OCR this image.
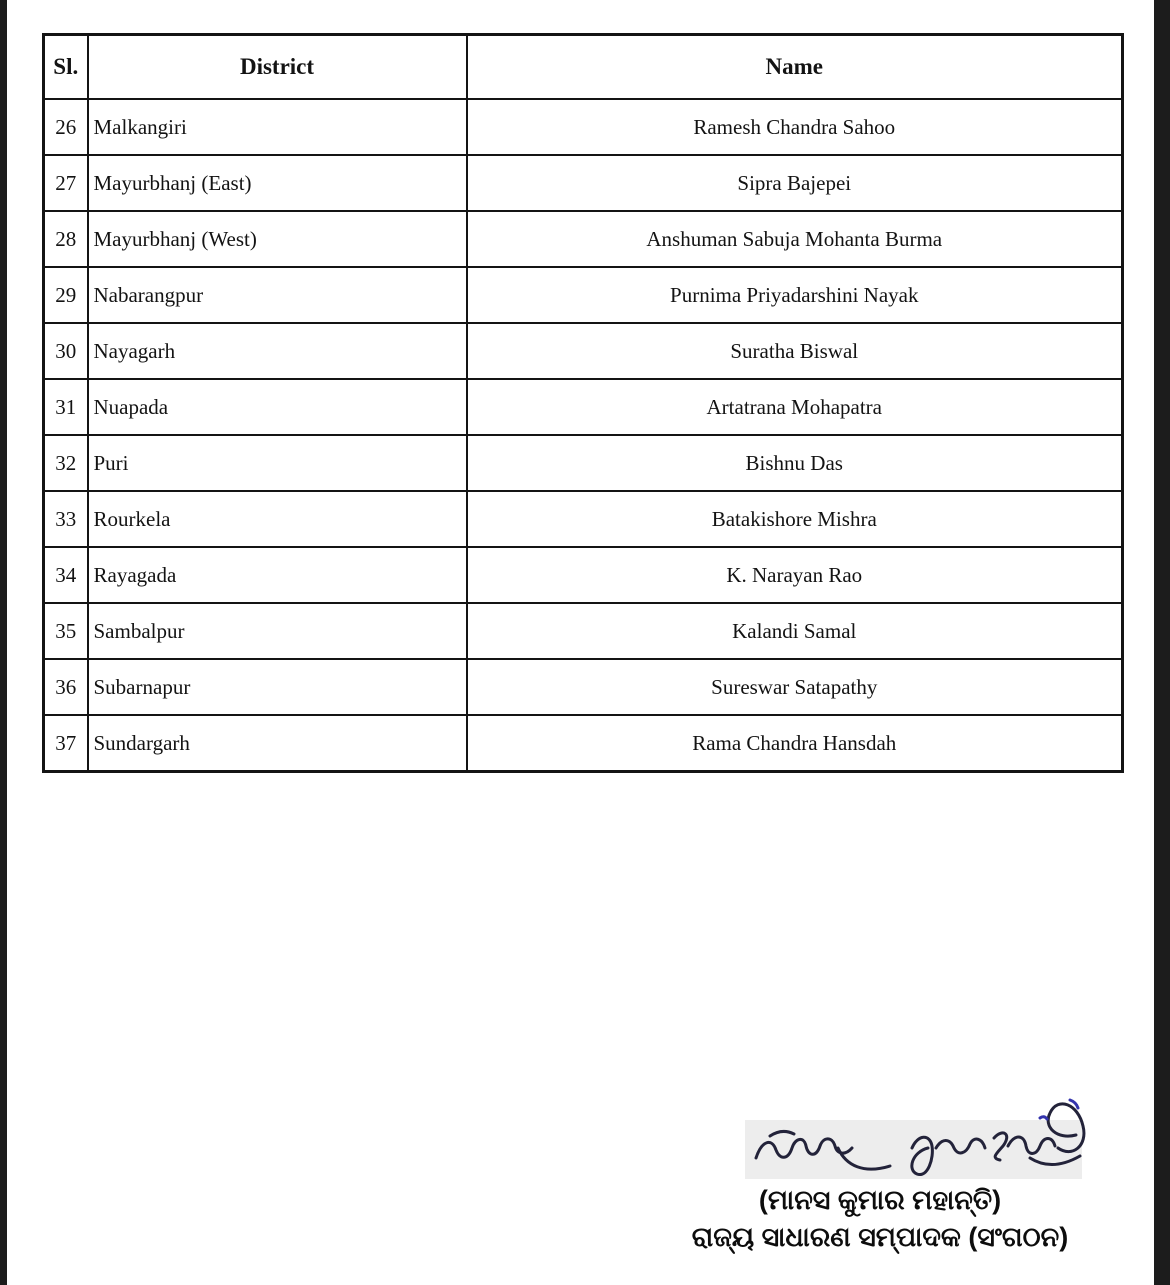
Sl.	District	Name
26	Malkangiri	Ramesh Chandra Sahoo
27	Mayurbhanj (East)	Sipra Bajepei
28	Mayurbhanj (West)	Anshuman Sabuja Mohanta Burma
29	Nabarangpur	Purnima Priyadarshini Nayak
30	Nayagarh	Suratha Biswal
31	Nuapada	Artatrana Mohapatra
32	Puri	Bishnu Das
33	Rourkela	Batakishore Mishra
34	Rayagada	K. Narayan Rao
35	Sambalpur	Kalandi Samal
36	Subarnapur	Sureswar Satapathy
37	Sundargarh	Rama Chandra Hansdah

(ମାନସ କୁମାର ମହାନ୍ତି)

ରାଜ୍ୟ ସାଧାରଣ ସମ୍ପାଦକ (ସଂଗଠନ)
